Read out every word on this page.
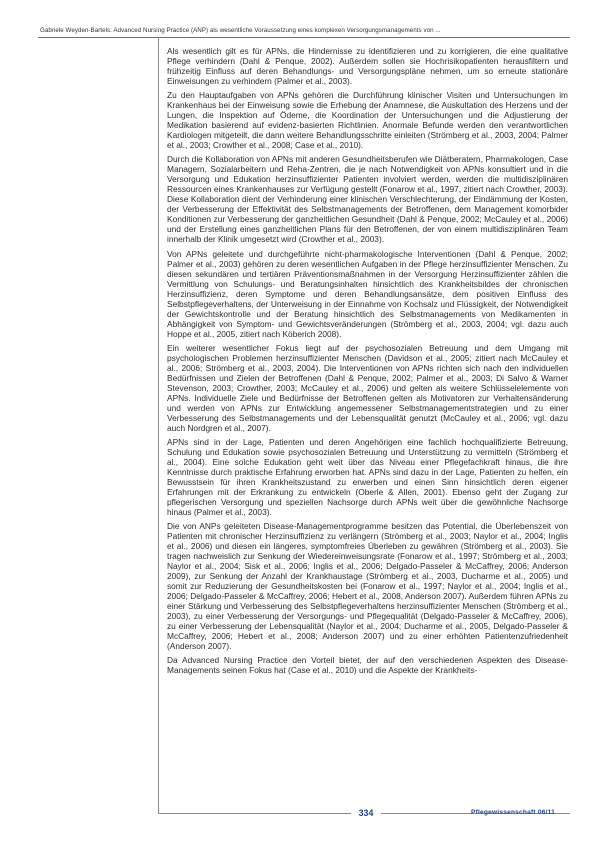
Gabriele Weyden-Bartels: Advanced Nursing Practice (ANP) als wesentliche Voraussetzung eines komplexen Versorgungsmanagements von ...

Als wesentlich gilt es für APNs, die Hindernisse zu identifizieren und zu korrigieren, die eine qualitative Pflege verhindern (Dahl & Penque, 2002). Außerdem sollen sie Hochrisikopatienten herausfiltern und frühzeitig Einfluss auf deren Behandlungs- und Versorgungspläne nehmen, um so erneute stationäre Einweisungen zu verhindern (Palmer et al., 2003).

Zu den Hauptaufgaben von APNs gehören die Durchführung klinischer Visiten und Untersuchungen im Krankenhaus bei der Einweisung sowie die Erhebung der Anamnese, die Auskultation des Herzens und der Lungen, die Inspektion auf Ödeme, die Koordination der Untersuchungen und die Adjustierung der Medikation basierend auf evidenz-basierten Richtlinien. Anormale Befunde werden den verantwortlichen Kardiologen mitgeteilt, die dann weitere Behandlungsschritte einleiten (Strömberg et al., 2003, 2004; Palmer et al., 2003; Crowther et al., 2008; Case et al., 2010).

Durch die Kollaboration von APNs mit anderen Gesundheitsberufen wie Diätberatern, Pharmakologen, Case Managern, Sozialarbeitern und Reha-Zentren, die je nach Notwendigkeit von APNs konsultiert und in die Versorgung und Edukation herzinsuffizienter Patienten involviert werden, werden die multidisziplinären Ressourcen eines Krankenhauses zur Verfügung gestellt (Fonarow et al., 1997, zitiert nach Crowther, 2003). Diese Kollaboration dient der Verhinderung einer klinischen Verschlechterung, der Eindämmung der Kosten, der Verbesserung der Effektivität des Selbstmanagements der Betroffenen, dem Management komorbider Konditionen zur Verbesserung der ganzheitlichen Gesundheit (Dahl & Penque, 2002; McCauley et al., 2006) und der Erstellung eines ganzheitlichen Plans für den Betroffenen, der von einem multidisziplinären Team innerhalb der Klinik umgesetzt wird (Crowther et al., 2003).

Von APNs geleitete und durchgeführte nicht-pharmakologische Interventionen (Dahl & Penque, 2002; Palmer et al., 2003) gehören zu deren wesentlichen Aufgaben in der Pflege herzinsuffizienter Menschen. Zu diesen sekundären und tertiären Präventionsmaßnahmen in der Versorgung Herzinsuffizienter zählen die Vermittlung von Schulungs- und Beratungsinhalten hinsichtlich des Krankheitsbildes der chronischen Herzinsuffizienz, deren Symptome und deren Behandlungsansätze, dem positiven Einfluss des Selbstpflegeverhaltens, der Unterweisung in der Einnahme von Kochsalz und Flüssigkeit, der Notwendigkeit der Gewichtskontrolle und der Beratung hinsichtlich des Selbstmanagements von Medikamenten in Abhängigkeit von Symptom- und Gewichtsveränderungen (Strömberg et al., 2003, 2004; vgl. dazu auch Hoppe et al., 2005, zitiert nach Köberich 2008).

Ein weiterer wesentlicher Fokus liegt auf der psychosozialen Betreuung und dem Umgang mit psychologischen Problemen herzinsuffizienter Menschen (Davidson et al., 2005; zitiert nach McCauley et al., 2006; Strömberg et al., 2003, 2004). Die Interventionen von APNs richten sich nach den individuellen Bedürfnissen und Zielen der Betroffenen (Dahl & Penque, 2002; Palmer et al., 2003; Di Salvo & Warner Stevenson, 2003; Crowther, 2003; McCauley et al., 2006) und gelten als weitere Schlüsselelemente von APNs. Individuelle Ziele und Bedürfnisse der Betroffenen gelten als Motivatoren zur Verhaltensänderung und werden von APNs zur Entwicklung angemessener Selbstmanagementstrategien und zu einer Verbesserung des Selbstmanagements und der Lebensqualität genutzt (McCauley et al., 2006; vgl. dazu auch Nordgren et al., 2007).

APNs sind in der Lage, Patienten und deren Angehörigen eine fachlich hochqualifizierte Betreuung, Schulung und Edukation sowie psychosozialen Betreuung und Unterstützung zu vermitteln (Strömberg et al., 2004). Eine solche Edukation geht weit über das Niveau einer Pflegefachkraft hinaus, die ihre Kenntnisse durch praktische Erfahrung erworben hat. APNs sind dazu in der Lage, Patienten zu helfen, ein Bewusstsein für ihren Krankheitszustand zu erwerben und einen Sinn hinsichtlich deren eigener Erfahrungen mit der Erkrankung zu entwickeln (Oberle & Allen, 2001). Ebenso geht der Zugang zur pflegerischen Versorgung und speziellen Nachsorge durch APNs weit über die gewöhnliche Nachsorge hinaus (Palmer et al., 2003).

Die von ANPs geleiteten Disease-Managementprogramme besitzen das Potential, die Überlebenszeit von Patienten mit chronischer Herzinsuffizienz zu verlängern (Strömberg et al., 2003; Naylor et al., 2004; Inglis et al., 2006) und diesen ein längeres, symptomfreies Überleben zu gewähren (Strömberg et al., 2003). Sie tragen nachweislich zur Senkung der Wiedereinweisungsrate (Fonarow et al., 1997; Strömberg et al., 2003; Naylor et al., 2004; Sisk et al., 2006; Inglis et al., 2006; Delgado-Passeler & McCaffrey, 2006; Anderson 2009), zur Senkung der Anzahl der Krankhaustage (Strömberg et al., 2003, Ducharme et al., 2005) und somit zur Reduzierung der Gesundheitskosten bei (Fonarow et al., 1997; Naylor et al., 2004; Inglis et al., 2006; Delgado-Passeler & McCaffrey, 2006; Hebert et al., 2008, Anderson 2007). Außerdem führen APNs zu einer Stärkung und Verbesserung des Selbstpflegeverhaltens herzinsuffizienter Menschen (Strömberg et al., 2003), zu einer Verbesserung der Versorgungs- und Pflegequalität (Delgado-Passeler & McCaffrey, 2006), zu einer Verbesserung der Lebensqualität (Naylor et al., 2004; Ducharme et al., 2005, Delgado-Passeler & McCaffrey, 2006; Hebert et al., 2008; Anderson 2007) und zu einer erhöhten Patientenzufriedenheit (Anderson 2007).

Da Advanced Nursing Practice den Vorteil bietet, der auf den verschiedenen Aspekten des Disease-Managements seinen Fokus hat (Case et al., 2010) und die Aspekte der Krankheits-

334	Pflegewissenschaft 06/11
